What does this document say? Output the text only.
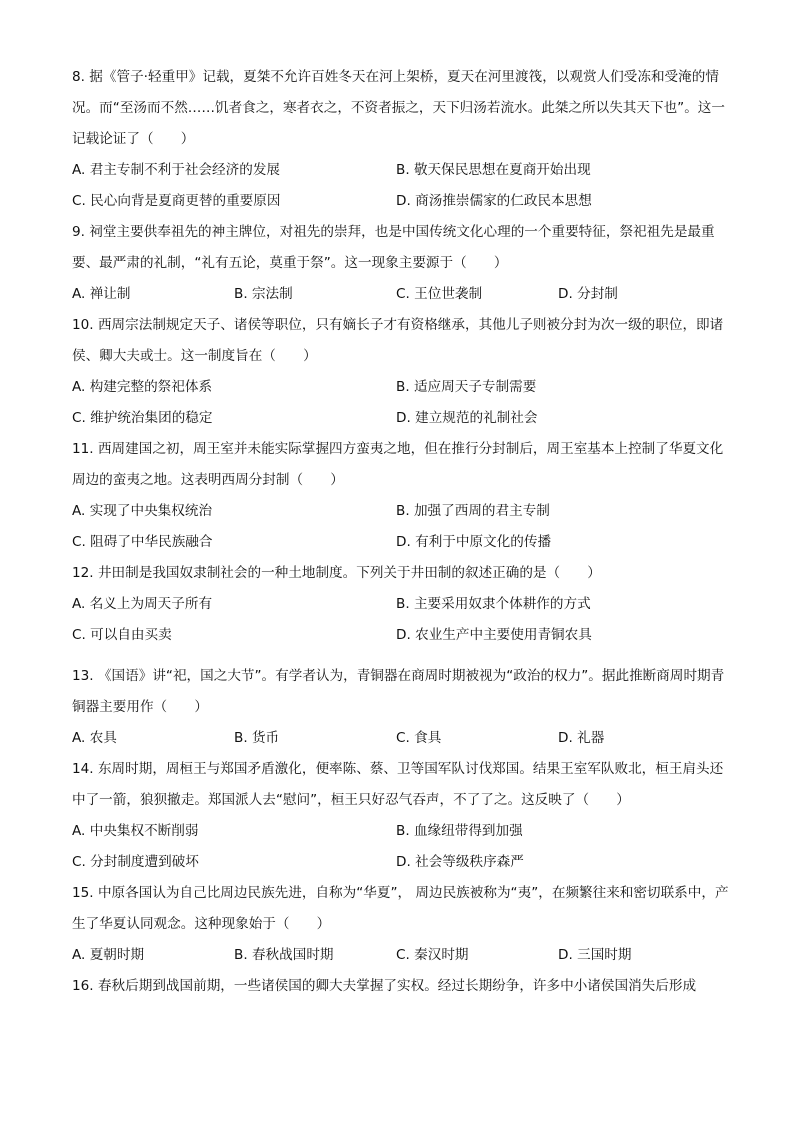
8. 据《管子·轻重甲》记载，夏桀不允许百姓冬天在河上架桥，夏天在河里渡筏，以观赏人们受冻和受淹的情况。而“至汤而不然……饥者食之，寒者衣之，不资者振之，天下归汤若流水。此桀之所以失其天下也”。这一记载论证了（　　）

A. 君主专制不利于社会经济的发展	B. 敬天保民思想在夏商开始出现
C. 民心向背是夏商更替的重要原因	D. 商汤推崇儒家的仁政民本思想

9. 祠堂主要供奉祖先的神主牌位，对祖先的崇拜，也是中国传统文化心理的一个重要特征，祭祀祖先是最重要、最严肃的礼制，“礼有五论，莫重于祭”。这一现象主要源于（　　）

A. 禅让制	B. 宗法制	C. 王位世袭制	D. 分封制

10. 西周宗法制规定天子、诸侯等职位，只有嫡长子才有资格继承，其他儿子则被分封为次一级的职位，即诸侯、卿大夫或士。这一制度旨在（　　）

A. 构建完整的祭祀体系	B. 适应周天子专制需要
C. 维护统治集团的稳定	D. 建立规范的礼制社会

11. 西周建国之初，周王室并未能实际掌握四方蛮夷之地，但在推行分封制后，周王室基本上控制了华夏文化周边的蛮夷之地。这表明西周分封制（　　）

A. 实现了中央集权统治	B. 加强了西周的君主专制
C. 阻碍了中华民族融合	D. 有利于中原文化的传播

12. 井田制是我国奴隶制社会的一种土地制度。下列关于井田制的叙述正确的是（　　）

A. 名义上为周天子所有	B. 主要采用奴隶个体耕作的方式
C. 可以自由买卖	D. 农业生产中主要使用青铜农具

13. 《国语》讲“祀，国之大节”。有学者认为，青铜器在商周时期被视为“政治的权力”。据此推断商周时期青铜器主要用作（　　）

A. 农具	B. 货币	C. 食具	D. 礼器

14. 东周时期，周桓王与郑国矛盾激化，便率陈、蔡、卫等国军队讨伐郑国。结果王室军队败北，桓王肩头还中了一箭，狼狈撤走。郑国派人去“慰问”，桓王只好忍气吞声，不了了之。这反映了（　　）

A. 中央集权不断削弱	B. 血缘纽带得到加强
C. 分封制度遭到破坏	D. 社会等级秩序森严

15. 中原各国认为自己比周边民族先进，自称为“华夏”， 周边民族被称为“夷”，在频繁往来和密切联系中，产生了华夏认同观念。这种现象始于（　　）

A. 夏朝时期	B. 春秋战国时期	C. 秦汉时期	D. 三国时期

16. 春秋后期到战国前期，一些诸侯国的卿大夫掌握了实权。经过长期纷争，许多中小诸侯国消失后形成
